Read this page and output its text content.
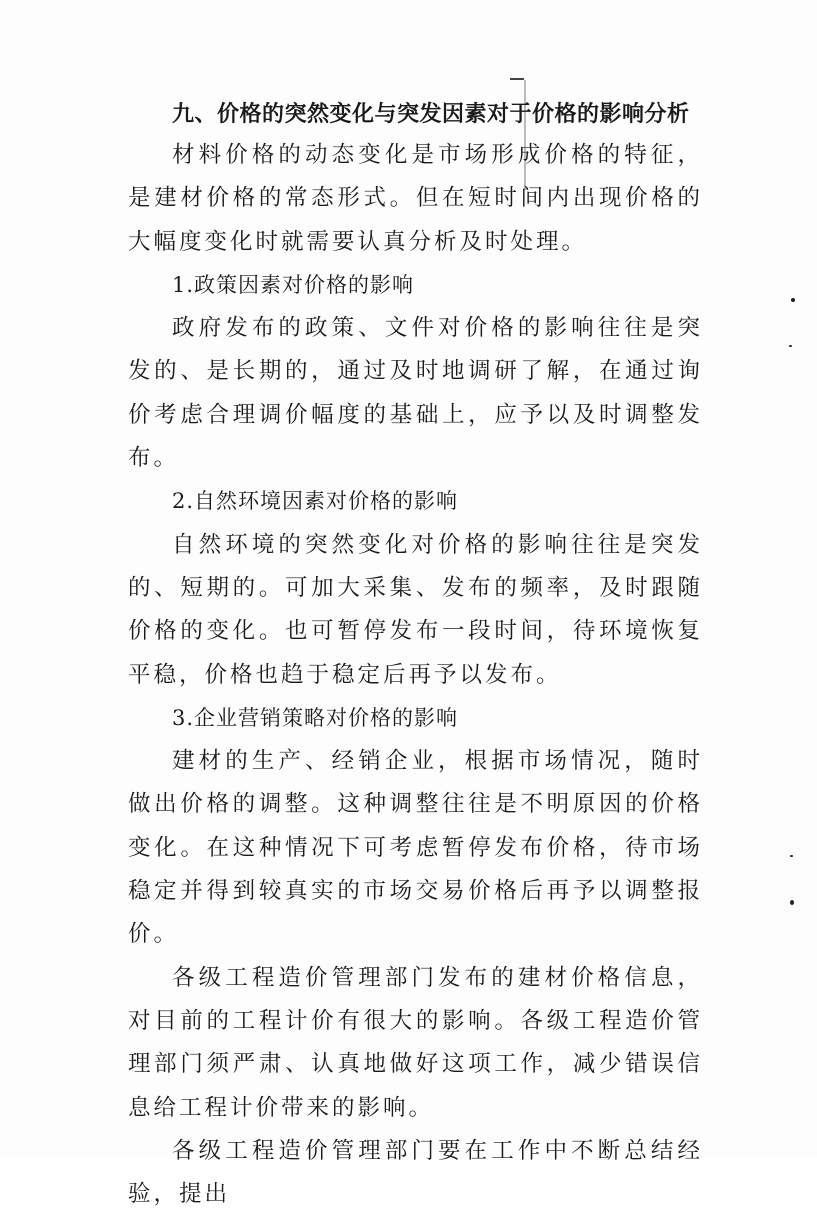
九、价格的突然变化与突发因素对于价格的影响分析

材料价格的动态变化是市场形成价格的特征，是建材价格的常态形式。但在短时间内出现价格的大幅度变化时就需要认真分析及时处理。

1.政策因素对价格的影响

政府发布的政策、文件对价格的影响往往是突发的、是长期的，通过及时地调研了解，在通过询价考虑合理调价幅度的基础上，应予以及时调整发布。

2.自然环境因素对价格的影响

自然环境的突然变化对价格的影响往往是突发的、短期的。可加大采集、发布的频率，及时跟随价格的变化。也可暂停发布一段时间，待环境恢复平稳，价格也趋于稳定后再予以发布。

3.企业营销策略对价格的影响

建材的生产、经销企业，根据市场情况，随时做出价格的调整。这种调整往往是不明原因的价格变化。在这种情况下可考虑暂停发布价格，待市场稳定并得到较真实的市场交易价格后再予以调整报价。

各级工程造价管理部门发布的建材价格信息，对目前的工程计价有很大的影响。各级工程造价管理部门须严肃、认真地做好这项工作，减少错误信息给工程计价带来的影响。

各级工程造价管理部门要在工作中不断总结经验，提出
